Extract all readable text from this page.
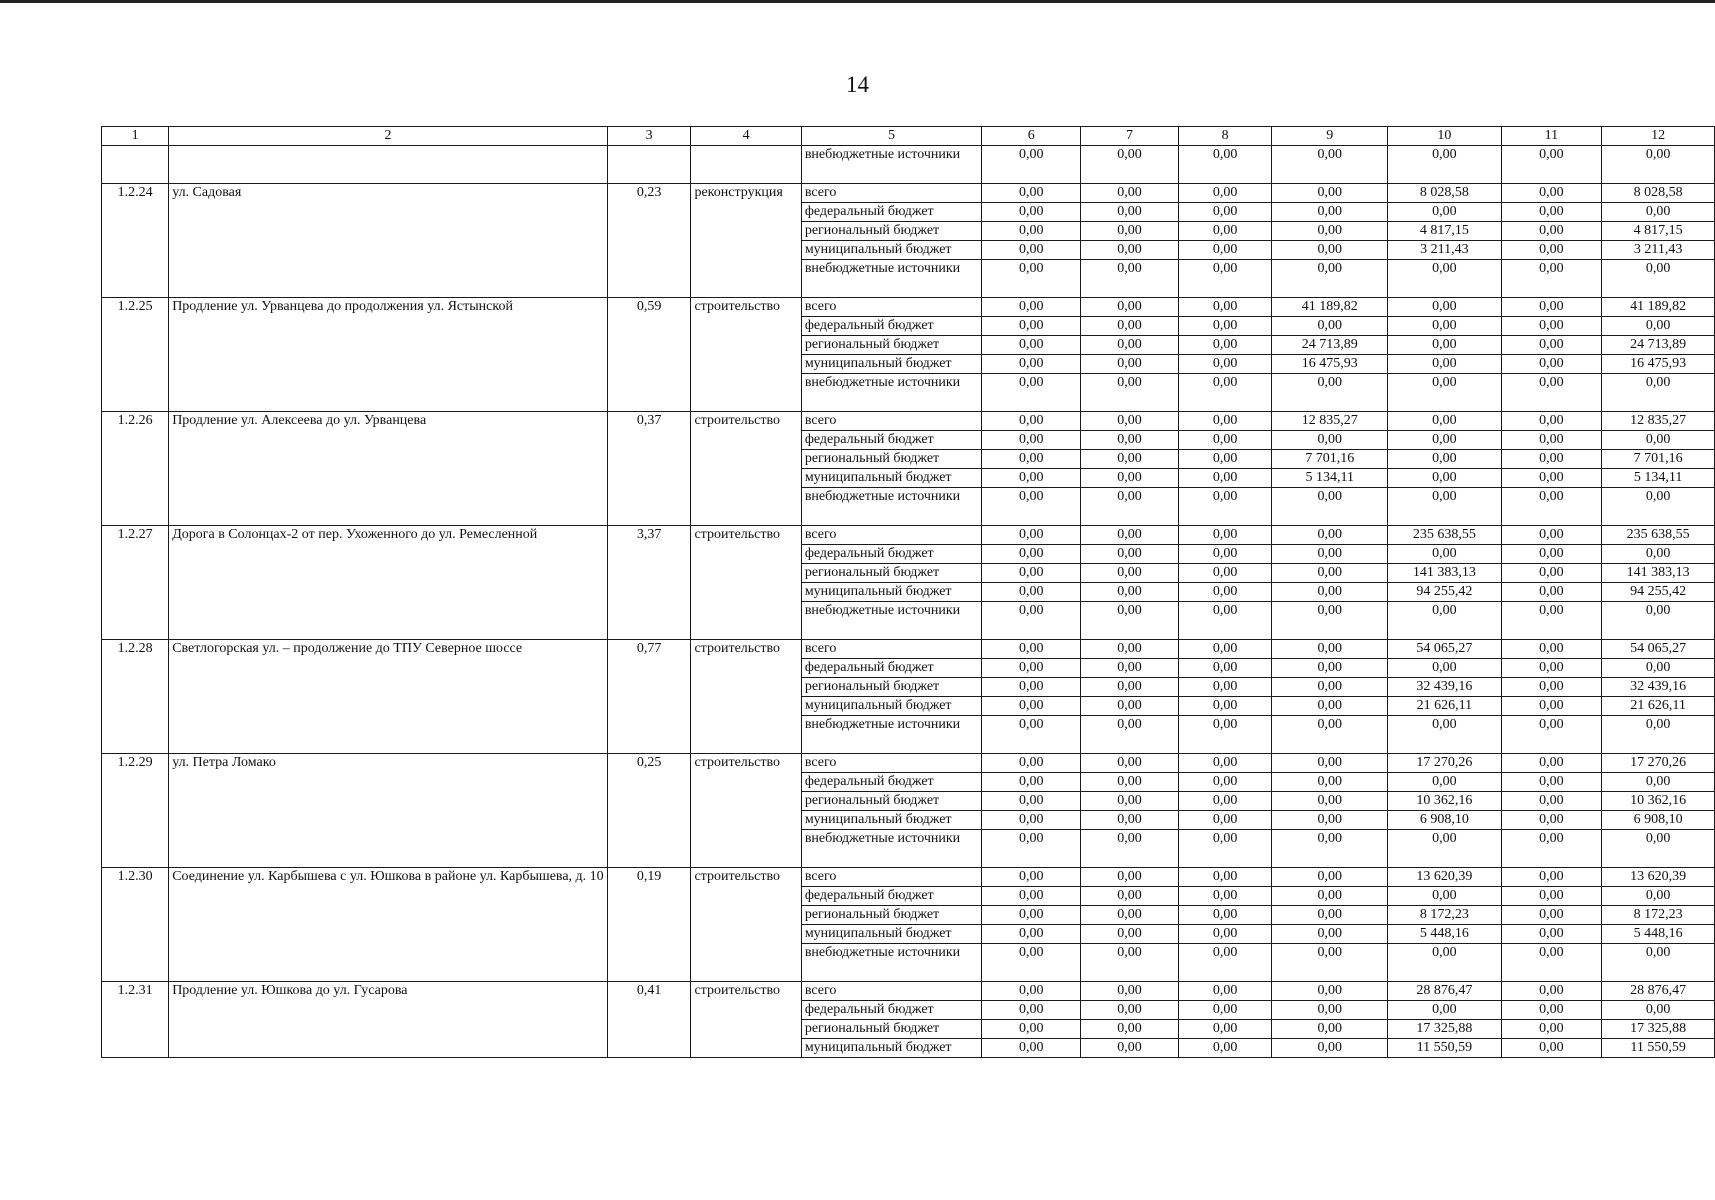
14
1	2	3	4	5	6	7	8	9	10	11	12
				внебюджетные источники	0,00	0,00	0,00	0,00	0,00	0,00	0,00
1.2.24	ул. Садовая	0,23	реконструкция	всего	0,00	0,00	0,00	0,00	8 028,58	0,00	8 028,58
				федеральный бюджет	0,00	0,00	0,00	0,00	0,00	0,00	0,00
				региональный бюджет	0,00	0,00	0,00	0,00	4 817,15	0,00	4 817,15
				муниципальный бюджет	0,00	0,00	0,00	0,00	3 211,43	0,00	3 211,43
				внебюджетные источники	0,00	0,00	0,00	0,00	0,00	0,00	0,00
1.2.25	Продление ул. Урванцева до продолжения ул. Ястынской	0,59	строительство	всего	0,00	0,00	0,00	41 189,82	0,00	0,00	41 189,82
				федеральный бюджет	0,00	0,00	0,00	0,00	0,00	0,00	0,00
				региональный бюджет	0,00	0,00	0,00	24 713,89	0,00	0,00	24 713,89
				муниципальный бюджет	0,00	0,00	0,00	16 475,93	0,00	0,00	16 475,93
				внебюджетные источники	0,00	0,00	0,00	0,00	0,00	0,00	0,00
1.2.26	Продление ул. Алексеева до ул. Урванцева	0,37	строительство	всего	0,00	0,00	0,00	12 835,27	0,00	0,00	12 835,27
				федеральный бюджет	0,00	0,00	0,00	0,00	0,00	0,00	0,00
				региональный бюджет	0,00	0,00	0,00	7 701,16	0,00	0,00	7 701,16
				муниципальный бюджет	0,00	0,00	0,00	5 134,11	0,00	0,00	5 134,11
				внебюджетные источники	0,00	0,00	0,00	0,00	0,00	0,00	0,00
1.2.27	Дорога в Солонцах-2 от пер. Ухоженного до ул. Ремесленной	3,37	строительство	всего	0,00	0,00	0,00	0,00	235 638,55	0,00	235 638,55
				федеральный бюджет	0,00	0,00	0,00	0,00	0,00	0,00	0,00
				региональный бюджет	0,00	0,00	0,00	0,00	141 383,13	0,00	141 383,13
				муниципальный бюджет	0,00	0,00	0,00	0,00	94 255,42	0,00	94 255,42
				внебюджетные источники	0,00	0,00	0,00	0,00	0,00	0,00	0,00
1.2.28	Светлогорская ул. – продолжение до ТПУ Северное шоссе	0,77	строительство	всего	0,00	0,00	0,00	0,00	54 065,27	0,00	54 065,27
				федеральный бюджет	0,00	0,00	0,00	0,00	0,00	0,00	0,00
				региональный бюджет	0,00	0,00	0,00	0,00	32 439,16	0,00	32 439,16
				муниципальный бюджет	0,00	0,00	0,00	0,00	21 626,11	0,00	21 626,11
				внебюджетные источники	0,00	0,00	0,00	0,00	0,00	0,00	0,00
1.2.29	ул. Петра Ломако	0,25	строительство	всего	0,00	0,00	0,00	0,00	17 270,26	0,00	17 270,26
				федеральный бюджет	0,00	0,00	0,00	0,00	0,00	0,00	0,00
				региональный бюджет	0,00	0,00	0,00	0,00	10 362,16	0,00	10 362,16
				муниципальный бюджет	0,00	0,00	0,00	0,00	6 908,10	0,00	6 908,10
				внебюджетные источники	0,00	0,00	0,00	0,00	0,00	0,00	0,00
1.2.30	Соединение ул. Карбышева с ул. Юшкова в районе ул. Карбышева, д. 10	0,19	строительство	всего	0,00	0,00	0,00	0,00	13 620,39	0,00	13 620,39
				федеральный бюджет	0,00	0,00	0,00	0,00	0,00	0,00	0,00
				региональный бюджет	0,00	0,00	0,00	0,00	8 172,23	0,00	8 172,23
				муниципальный бюджет	0,00	0,00	0,00	0,00	5 448,16	0,00	5 448,16
				внебюджетные источники	0,00	0,00	0,00	0,00	0,00	0,00	0,00
1.2.31	Продление ул. Юшкова до ул. Гусарова	0,41	строительство	всего	0,00	0,00	0,00	0,00	28 876,47	0,00	28 876,47
				федеральный бюджет	0,00	0,00	0,00	0,00	0,00	0,00	0,00
				региональный бюджет	0,00	0,00	0,00	0,00	17 325,88	0,00	17 325,88
				муниципальный бюджет	0,00	0,00	0,00	0,00	11 550,59	0,00	11 550,59
